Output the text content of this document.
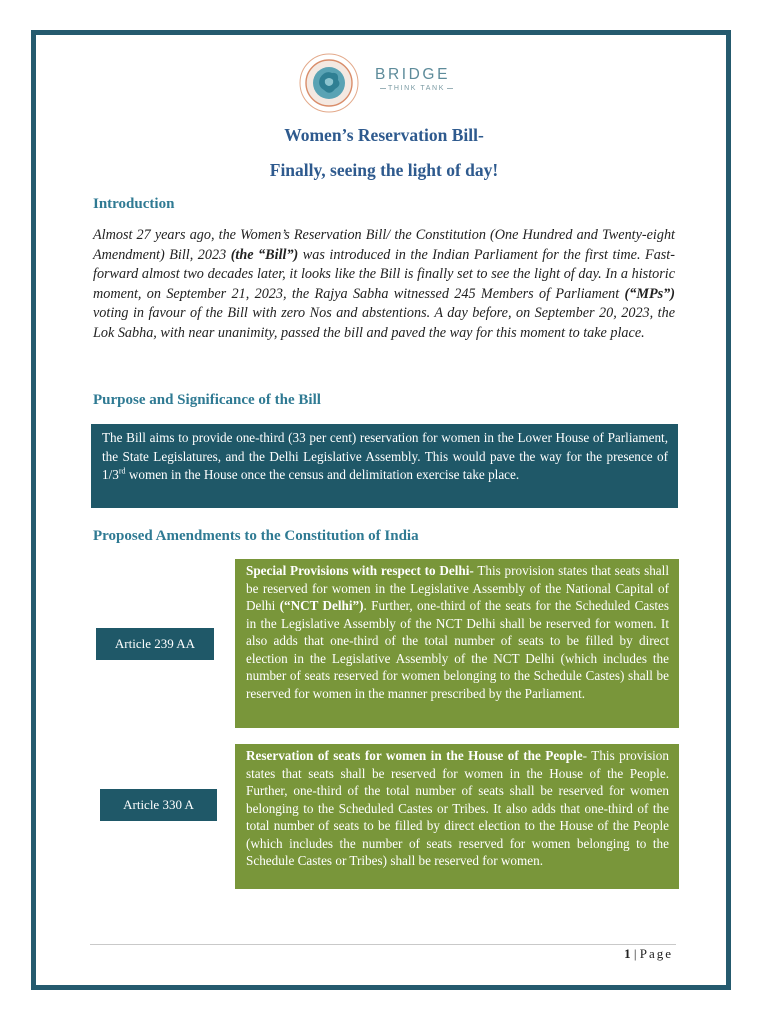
BRIDGE
THINK TANK
Women’s Reservation Bill-
Finally, seeing the light of day!
Introduction

Almost 27 years ago, the Women’s Reservation Bill/ the Constitution (One Hundred and Twenty-eight Amendment) Bill, 2023 (the “Bill”) was introduced in the Indian Parliament for the first time. Fast-forward almost two decades later, it looks like the Bill is finally set to see the light of day. In a historic moment, on September 21, 2023, the Rajya Sabha witnessed 245 Members of Parliament (“MPs”) voting in favour of the Bill with zero Nos and abstentions. A day before, on September 20, 2023, the Lok Sabha, with near unanimity, passed the bill and paved the way for this moment to take place.

Purpose and Significance of the Bill
The Bill aims to provide one-third (33 per cent) reservation for women in the Lower House of Parliament, the State Legislatures, and the Delhi Legislative Assembly. This would pave the way for the presence of 1/3rd women in the House once the census and delimitation exercise take place.
Proposed Amendments to the Constitution of India
Article 239 AA
Special Provisions with respect to Delhi- This provision states that seats shall be reserved for women in the Legislative Assembly of the National Capital of Delhi (“NCT Delhi”). Further, one-third of the seats for the Scheduled Castes in the Legislative Assembly of the NCT Delhi shall be reserved for women. It also adds that one-third of the total number of seats to be filled by direct election in the Legislative Assembly of the NCT Delhi (which includes the number of seats reserved for women belonging to the Schedule Castes) shall be reserved for women in the manner prescribed by the Parliament.
Article 330 A
Reservation of seats for women in the House of the People- This provision states that seats shall be reserved for women in the House of the People. Further, one-third of the total number of seats shall be reserved for women belonging to the Scheduled Castes or Tribes. It also adds that one-third of the total number of seats to be filled by direct election to the House of the People (which includes the number of seats reserved for women belonging to the Schedule Castes or Tribes) shall be reserved for women.
1 | Page
